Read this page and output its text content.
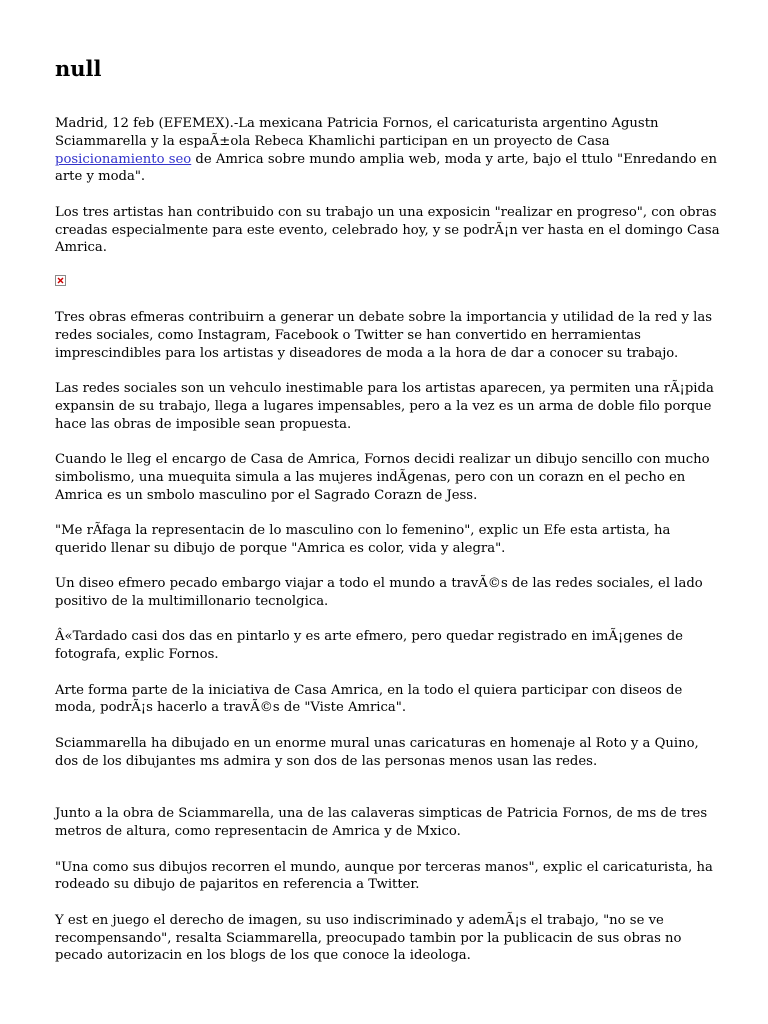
null

Madrid, 12 feb (EFEMEX).-La mexicana Patricia Fornos, el caricaturista argentino Agustn Sciammarella y la espaÃ±ola Rebeca Khamlichi participan en un proyecto de Casa posicionamiento seo de Amrica sobre mundo amplia web, moda y arte, bajo el ttulo "Enredando en arte y moda".

Los tres artistas han contribuido con su trabajo un una exposicin "realizar en progreso", con obras creadas especialmente para este evento, celebrado hoy, y se podrÃ¡n ver hasta en el domingo Casa Amrica.

Tres obras efmeras contribuirn a generar un debate sobre la importancia y utilidad de la red y las redes sociales, como Instagram, Facebook o Twitter se han convertido en herramientas imprescindibles para los artistas y diseadores de moda a la hora de dar a conocer su trabajo.

Las redes sociales son un vehculo inestimable para los artistas aparecen, ya permiten una rÃ¡pida expansin de su trabajo, llega a lugares impensables, pero a la vez es un arma de doble filo porque hace las obras de imposible sean propuesta.

Cuando le lleg el encargo de Casa de Amrica, Fornos decidi realizar un dibujo sencillo con mucho simbolismo, una muequita simula a las mujeres indÃgenas, pero con un corazn en el pecho en Amrica es un smbolo masculino por el Sagrado Corazn de Jess.

"Me rÃfaga la representacin de lo masculino con lo femenino", explic un Efe esta artista, ha querido llenar su dibujo de porque "Amrica es color, vida y alegra".

Un diseo efmero pecado embargo viajar a todo el mundo a travÃ©s de las redes sociales, el lado positivo de la multimillonario tecnolgica.

Â«Tardado casi dos das en pintarlo y es arte efmero, pero quedar registrado en imÃ¡genes de fotografa, explic Fornos.

Arte forma parte de la iniciativa de Casa Amrica, en la todo el quiera participar con diseos de moda, podrÃ¡s hacerlo a travÃ©s de "Viste Amrica".

Sciammarella ha dibujado en un enorme mural unas caricaturas en homenaje al Roto y a Quino, dos de los dibujantes ms admira y son dos de las personas menos usan las redes.

Junto a la obra de Sciammarella, una de las calaveras simpticas de Patricia Fornos, de ms de tres metros de altura, como representacin de Amrica y de Mxico.

"Una como sus dibujos recorren el mundo, aunque por terceras manos", explic el caricaturista, ha rodeado su dibujo de pajaritos en referencia a Twitter.

Y est en juego el derecho de imagen, su uso indiscriminado y ademÃ¡s el trabajo, "no se ve recompensando", resalta Sciammarella, preocupado tambin por la publicacin de sus obras no pecado autorizacin en los blogs de los que conoce la ideologa.
